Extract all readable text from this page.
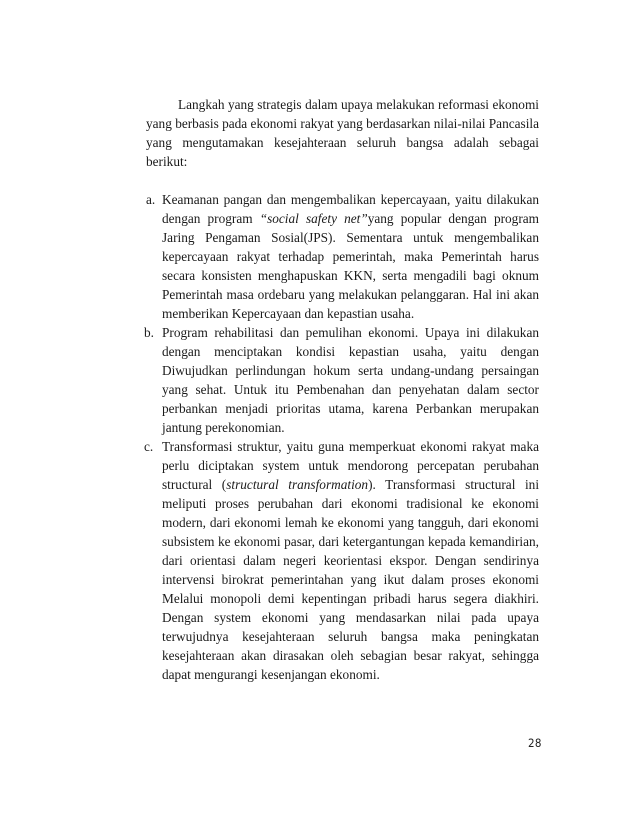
Langkah yang strategis dalam upaya melakukan reformasi ekonomi yang berbasis pada ekonomi rakyat yang berdasarkan nilai-nilai Pancasila yang mengutamakan kesejahteraan seluruh bangsa adalah sebagai berikut:

a. Keamanan pangan dan mengembalikan kepercayaan, yaitu dilakukan dengan program “social safety net”yang popular dengan program Jaring Pengaman Sosial(JPS). Sementara untuk mengembalikan kepercayaan rakyat terhadap pemerintah, maka Pemerintah harus secara konsisten menghapuskan KKN, serta mengadili bagi oknum Pemerintah masa ordebaru yang melakukan pelanggaran. Hal ini akan memberikan Kepercayaan dan kepastian usaha.
b. Program rehabilitasi dan pemulihan ekonomi. Upaya ini dilakukan dengan menciptakan kondisi kepastian usaha, yaitu dengan Diwujudkan perlindungan hokum serta undang-undang persaingan yang sehat. Untuk itu Pembenahan dan penyehatan dalam sector perbankan menjadi prioritas utama, karena Perbankan merupakan jantung perekonomian.
c. Transformasi struktur, yaitu guna memperkuat ekonomi rakyat maka perlu diciptakan system untuk mendorong percepatan perubahan structural (structural transformation). Transformasi structural ini meliputi proses perubahan dari ekonomi tradisional ke ekonomi modern, dari ekonomi lemah ke ekonomi yang tangguh, dari ekonomi subsistem ke ekonomi pasar, dari ketergantungan kepada kemandirian, dari orientasi dalam negeri keorientasi ekspor. Dengan sendirinya intervensi birokrat pemerintahan yang ikut dalam proses ekonomi Melalui monopoli demi kepentingan pribadi harus segera diakhiri. Dengan system ekonomi yang mendasarkan nilai pada upaya terwujudnya kesejahteraan seluruh bangsa maka peningkatan kesejahteraan akan dirasakan oleh sebagian besar rakyat, sehingga dapat mengurangi kesenjangan ekonomi.
28
